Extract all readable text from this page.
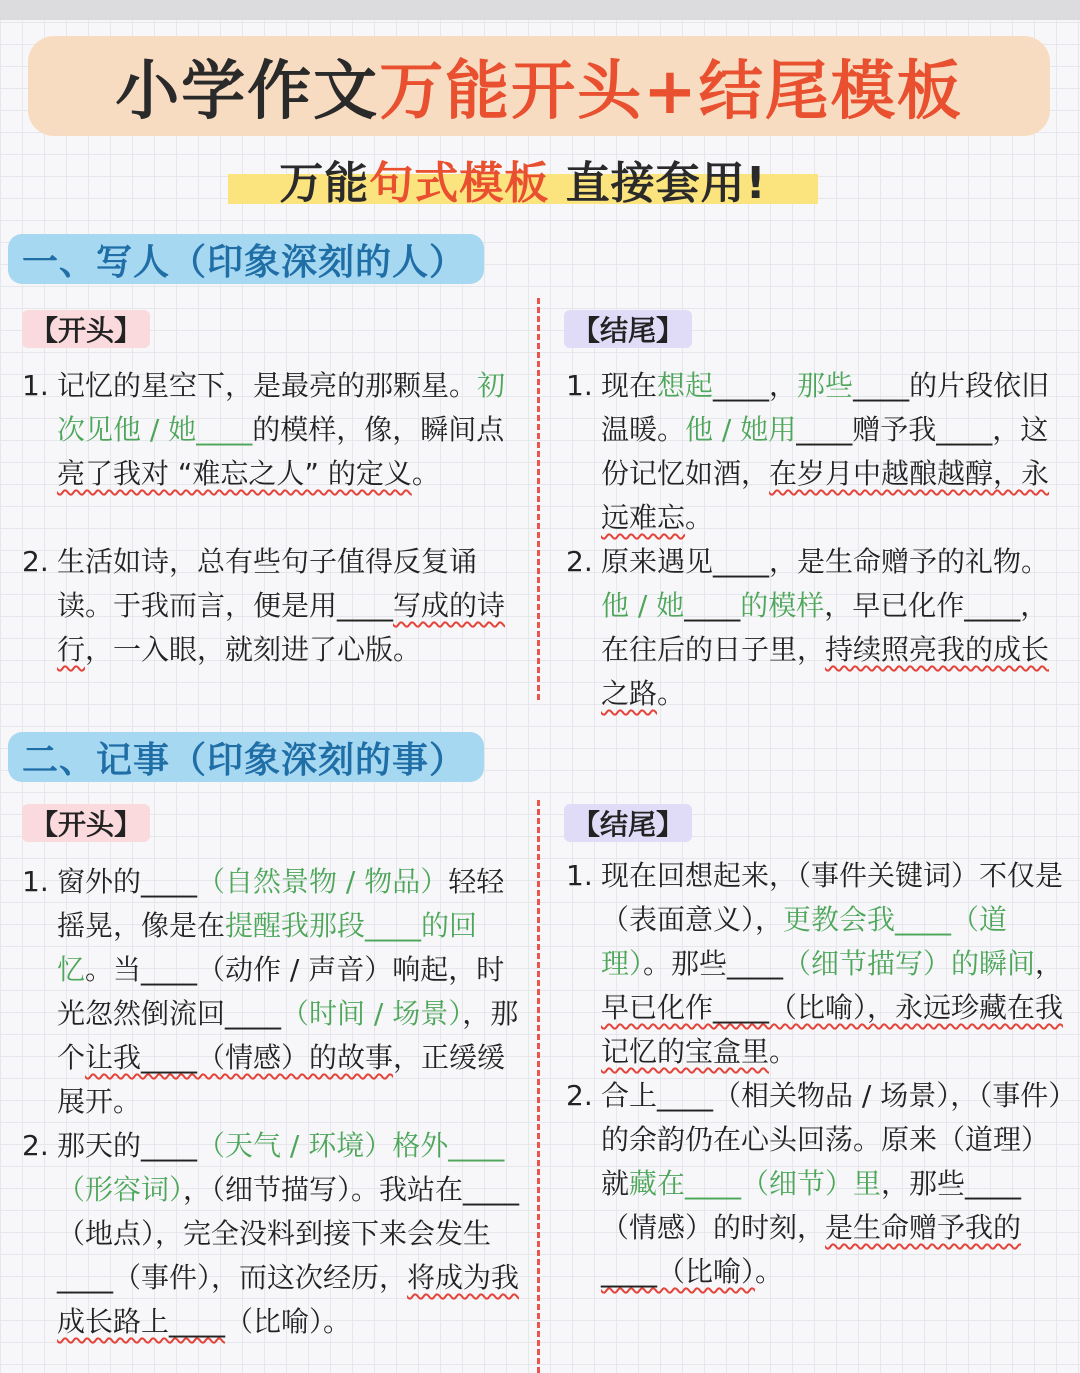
小学作文 万能开头+结尾模板
万能 句式模板 直接套用!
一、写人（印象深刻的人）
【开头】	【结尾】
1. 记忆的星空下，是最亮的那颗星。初次见他 / 她____的模样，像，瞬间点亮了我对 “难忘之人” 的定义。
2. 生活如诗，总有些句子值得反复诵读。于我而言，便是用____写成的诗行，一入眼，就刻进了心版。
1. 现在想起____，那些____的片段依旧温暖。他 / 她用____赠予我____，这份记忆如酒，在岁月中越酿越醇，永远难忘。
2. 原来遇见____，是生命赠予的礼物。他 / 她____的模样，早已化作____，在往后的日子里，持续照亮我的成长之路。
二、记事（印象深刻的事）
【开头】	【结尾】
1. 窗外的____（自然景物 / 物品）轻轻摇晃，像是在提醒我那段____的回忆。当____（动作 / 声音）响起，时光忽然倒流回____（时间 / 场景），那个让我____（情感）的故事，正缓缓展开。
2. 那天的____（天气 / 环境）格外____（形容词），（细节描写）。我站在____（地点），完全没料到接下来会发生____（事件），而这次经历，将成为我成长路上____（比喻）。
1. 现在回想起来，（事件关键词）不仅是（表面意义），更教会我____（道理）。那些____（细节描写）的瞬间，早已化作____（比喻），永远珍藏在我记忆的宝盒里。
2. 合上____（相关物品 / 场景），（事件）的余韵仍在心头回荡。原来（道理）就藏在____（细节）里，那些____（情感）的时刻，是生命赠予我的____（比喻）。
